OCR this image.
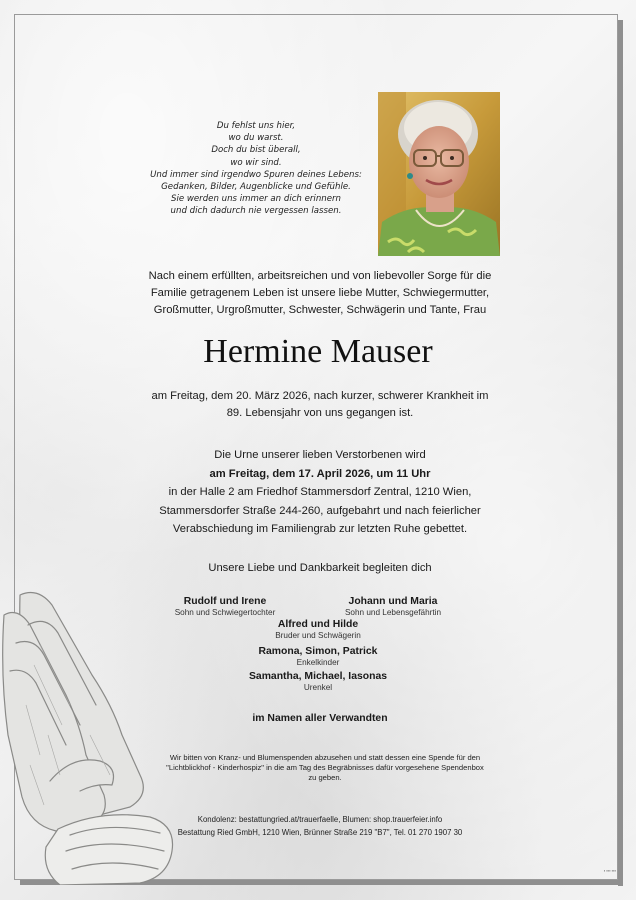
Du fehlst uns hier,
wo du warst.
Doch du bist überall,
wo wir sind.
Und immer sind irgendwo Spuren deines Lebens:
Gedanken, Bilder, Augenblicke und Gefühle.
Sie werden uns immer an dich erinnern
und dich dadurch nie vergessen lassen.
Nach einem erfüllten, arbeitsreichen und von liebevoller Sorge für die
Familie getragenem Leben ist unsere liebe Mutter, Schwiegermutter,
Großmutter, Urgroßmutter, Schwester, Schwägerin und Tante, Frau
Hermine Mauser
am Freitag, dem 20. März 2026, nach kurzer, schwerer Krankheit im
89. Lebensjahr von uns gegangen ist.
Die Urne unserer lieben Verstorbenen wird
am Freitag, dem 17. April 2026, um 11 Uhr
in der Halle 2 am Friedhof Stammersdorf Zentral, 1210 Wien,
Stammersdorfer Straße 244-260, aufgebahrt und nach feierlicher
Verabschiedung im Familiengrab zur letzten Ruhe gebettet.
Unsere Liebe und Dankbarkeit begleiten dich
Rudolf und Irene
Sohn und Schwiegertochter
Johann und Maria
Sohn und Lebensgefährtin
Alfred und Hilde
Bruder und Schwägerin
Ramona, Simon, Patrick
Enkelkinder
Samantha, Michael, Iasonas
Urenkel
im Namen aller Verwandten
Wir bitten von Kranz- und Blumenspenden abzusehen und statt dessen eine Spende für den
"Lichtblickhof - Kinderhospiz" in die am Tag des Begräbnisses dafür vorgesehene Spendenbox
zu geben.
Kondolenz: bestattungried.at/trauerfaelle, Blumen: shop.trauerfeier.info
Bestattung Ried GmbH, 1210 Wien, Brünner Straße 219 "B7", Tel. 01 270 1907 30
▪ ▪▪▪ ▪▪▪
